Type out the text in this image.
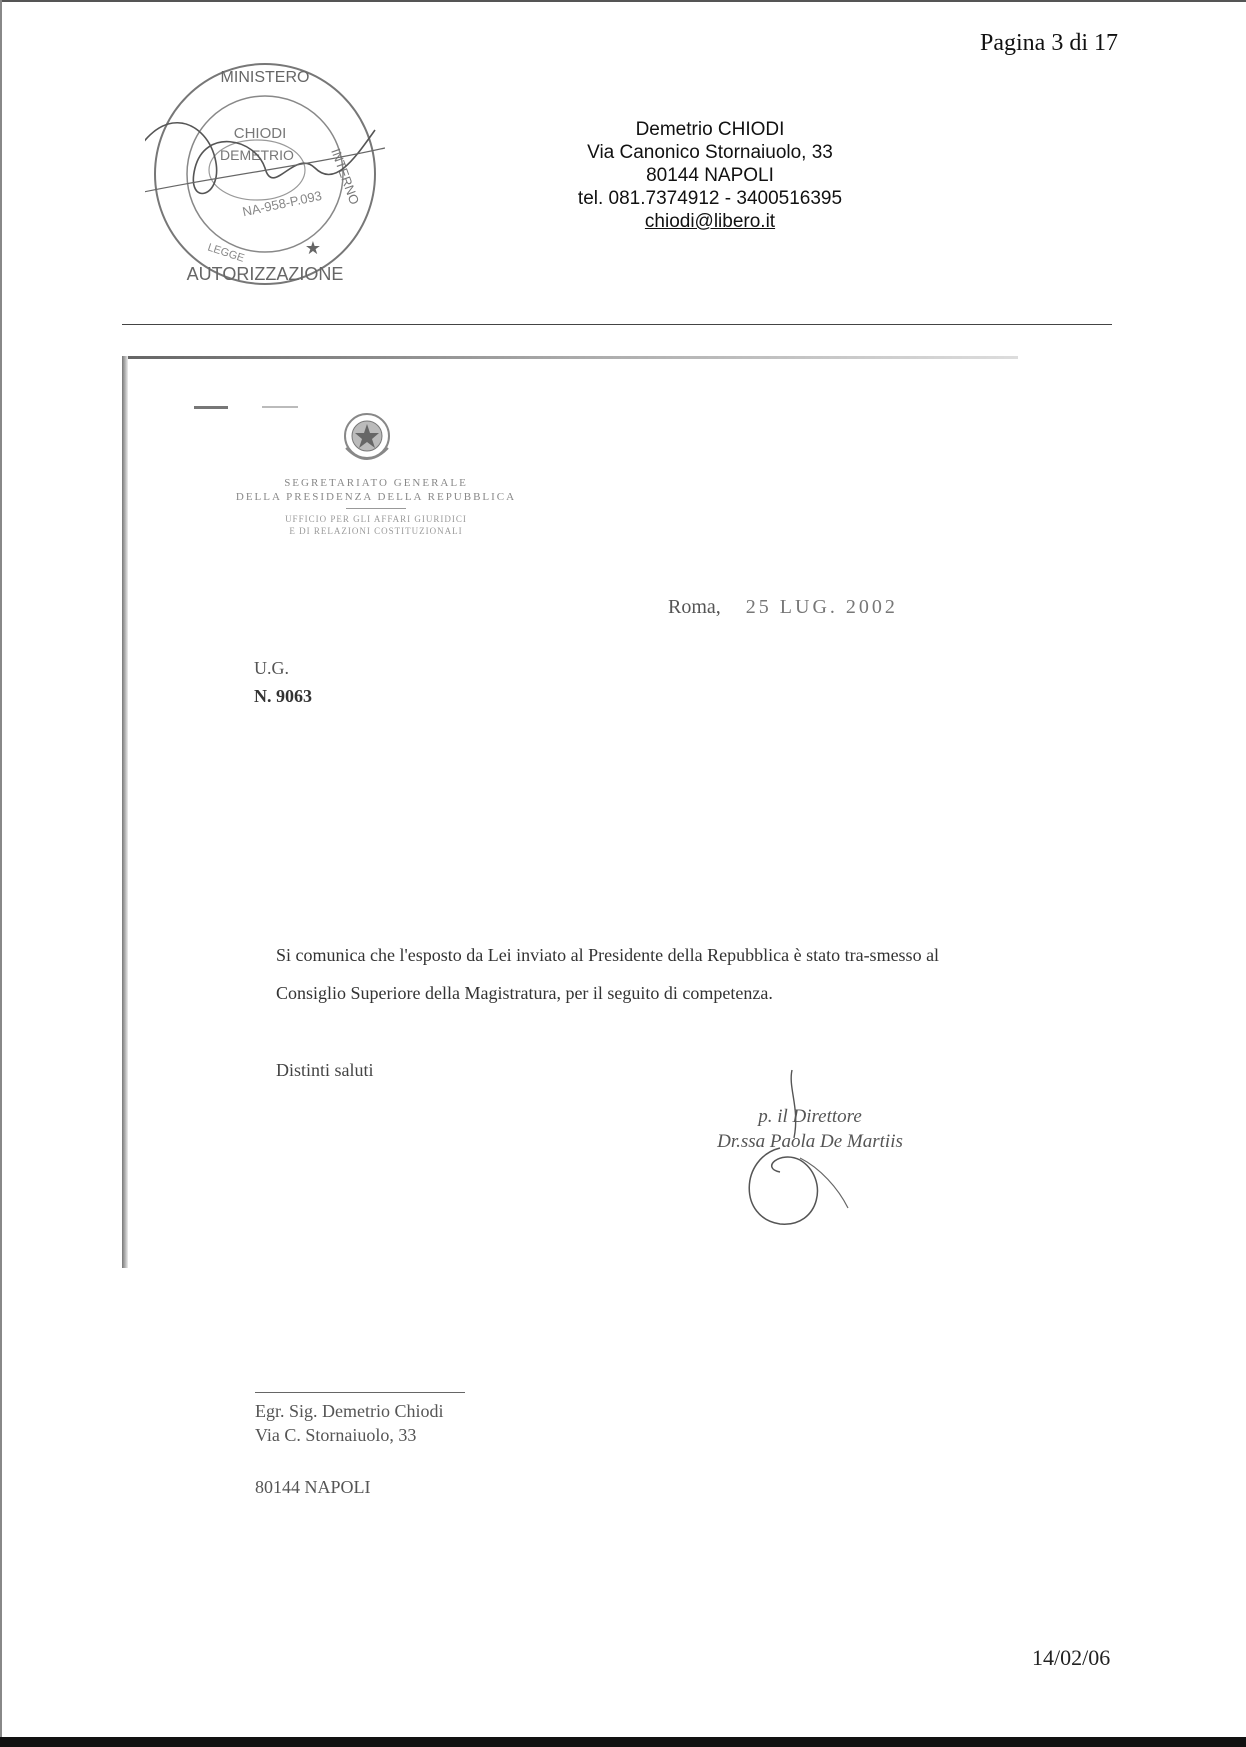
Pagina 3 di 17
MINISTERO
AUTORIZZAZIONE
INTERNO
CHIODI
DEMETRIO
NA-958-P.093
LEGGE	★
Demetrio CHIODI
Via Canonico Stornaiuolo, 33
80144 NAPOLI
tel. 081.7374912 - 3400516395
chiodi@libero.it
SEGRETARIATO GENERALE
DELLA PRESIDENZA DELLA REPUBBLICA
UFFICIO PER GLI AFFARI GIURIDICI
E DI RELAZIONI COSTITUZIONALI
Roma, 25 LUG. 2002
U.G.
N. 9063
Si comunica che l'esposto da Lei inviato al Presidente della Repubblica è stato tra-smesso al Consiglio Superiore della Magistratura, per il seguito di competenza.
Distinti saluti
p. il Direttore
Dr.ssa Paola De Martiis
Egr. Sig. Demetrio Chiodi
Via C. Stornaiuolo, 33
80144 NAPOLI
14/02/06
